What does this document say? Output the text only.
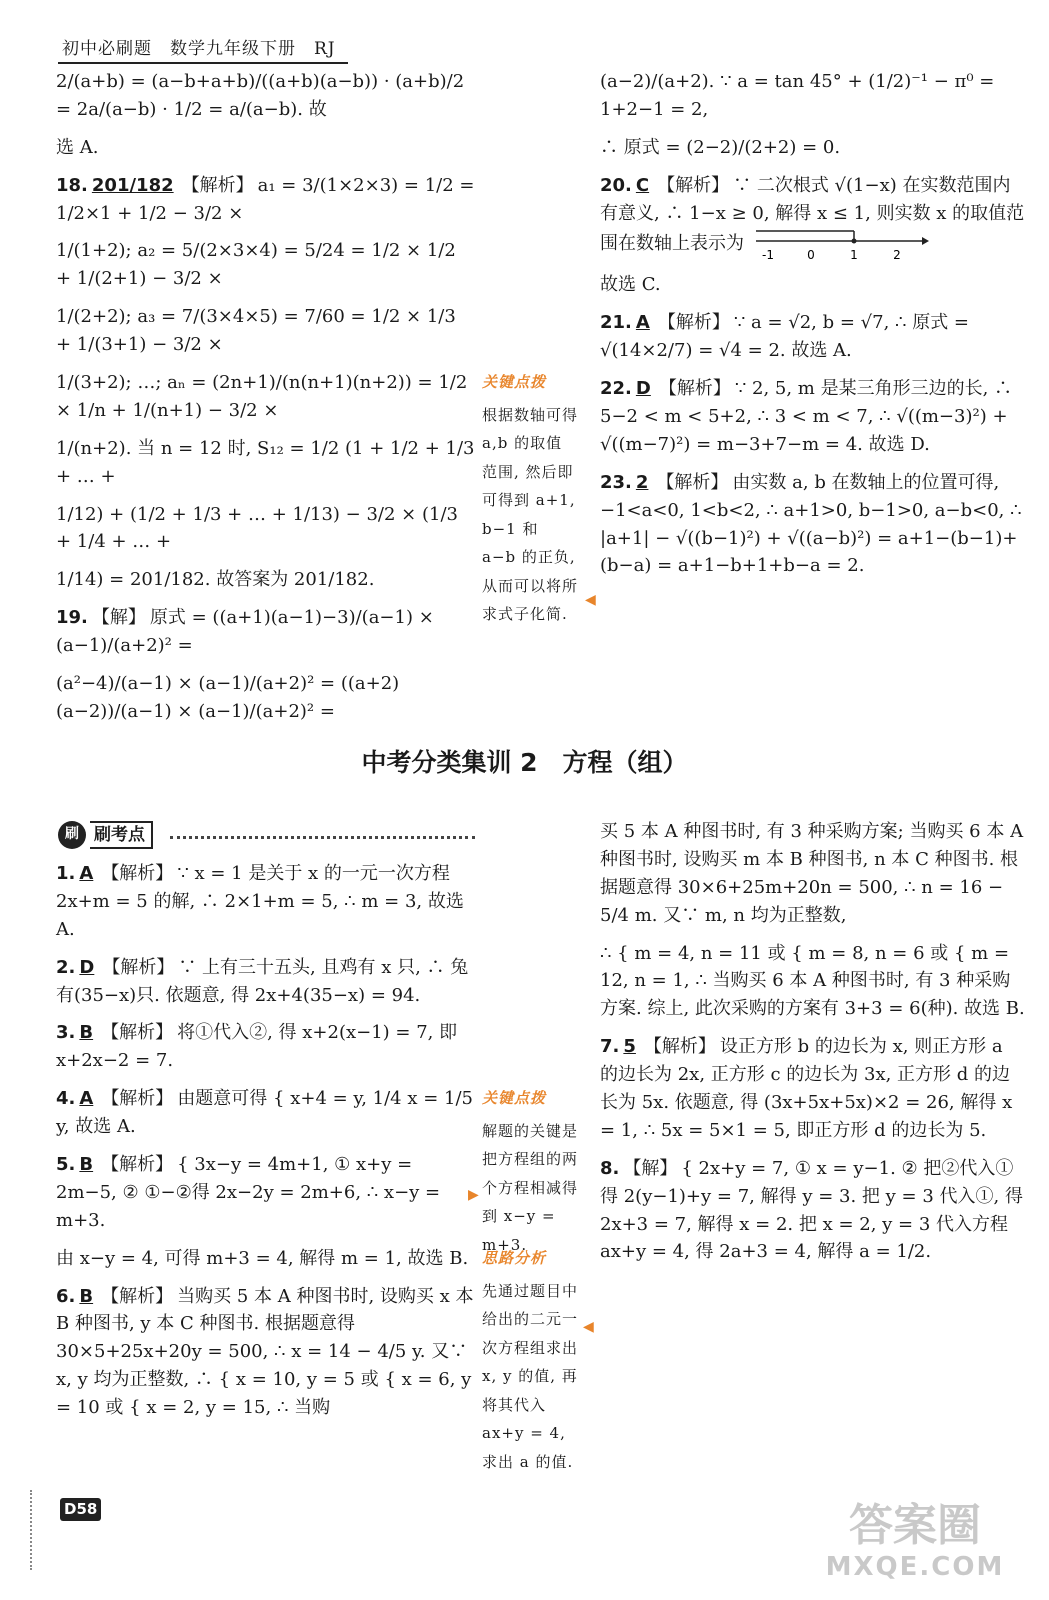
初中必刷题　数学九年级下册　RJ

2/(a+b) = (a−b+a+b)/((a+b)(a−b)) · (a+b)/2 = 2a/(a−b) · 1/2 = a/(a−b). 故

选 A.

18. 201/182 【解析】 a₁ = 3/(1×2×3) = 1/2 = 1/2×1 + 1/2 − 3/2 ×

1/(1+2); a₂ = 5/(2×3×4) = 5/24 = 1/2 × 1/2 + 1/(2+1) − 3/2 ×

1/(2+2); a₃ = 7/(3×4×5) = 7/60 = 1/2 × 1/3 + 1/(3+1) − 3/2 ×

1/(3+2); …; aₙ = (2n+1)/(n(n+1)(n+2)) = 1/2 × 1/n + 1/(n+1) − 3/2 ×

1/(n+2). 当 n = 12 时, S₁₂ = 1/2 (1 + 1/2 + 1/3 + … +

1/12) + (1/2 + 1/3 + … + 1/13) − 3/2 × (1/3 + 1/4 + … +

1/14) = 201/182. 故答案为 201/182.

19. 【解】 原式 = ((a+1)(a−1)−3)/(a−1) × (a−1)/(a+2)² =

(a²−4)/(a−1) × (a−1)/(a+2)² = ((a+2)(a−2))/(a−1) × (a−1)/(a+2)² =

关键点拨
根据数轴可得 a,b 的取值范围, 然后即可得到 a+1, b−1 和 a−b 的正负, 从而可以将所求式子化简.
◀

(a−2)/(a+2). ∵ a = tan 45° + (1/2)⁻¹ − π⁰ = 1+2−1 = 2,

∴ 原式 = (2−2)/(2+2) = 0.

20. C 【解析】 ∵ 二次根式 √(1−x) 在实数范围内有意义, ∴ 1−x ≥ 0, 解得 x ≤ 1, 则实数 x 的取值范围在数轴上表示为
-1	0	1	2

故选 C.

21. A 【解析】 ∵ a = √2, b = √7, ∴ 原式 = √(14×2/7) = √4 = 2. 故选 A.

22. D 【解析】 ∵ 2, 5, m 是某三角形三边的长, ∴ 5−2 < m < 5+2, ∴ 3 < m < 7, ∴ √((m−3)²) + √((m−7)²) = m−3+7−m = 4. 故选 D.

23. 2 【解析】 由实数 a, b 在数轴上的位置可得, −1<a<0, 1<b<2, ∴ a+1>0, b−1>0, a−b<0, ∴ |a+1| − √((b−1)²) + √((a−b)²) = a+1−(b−1)+(b−a) = a+1−b+1+b−a = 2.

中考分类集训 2　方程（组）
刷 刷考点

1. A 【解析】 ∵ x = 1 是关于 x 的一元一次方程 2x+m = 5 的解, ∴ 2×1+m = 5, ∴ m = 3, 故选 A.

2. D 【解析】 ∵ 上有三十五头, 且鸡有 x 只, ∴ 兔有(35−x)只. 依题意, 得 2x+4(35−x) = 94.

3. B 【解析】 将①代入②, 得 x+2(x−1) = 7, 即 x+2x−2 = 7.

4. A 【解析】 由题意可得 { x+4 = y, 1/4 x = 1/5 y, 故选 A.

5. B 【解析】 { 3x−y = 4m+1, ① x+y = 2m−5, ② ①−②得 2x−2y = 2m+6, ∴ x−y = m+3.

由 x−y = 4, 可得 m+3 = 4, 解得 m = 1, 故选 B.

6. B 【解析】 当购买 5 本 A 种图书时, 设购买 x 本 B 种图书, y 本 C 种图书. 根据题意得 30×5+25x+20y = 500, ∴ x = 14 − 4/5 y. 又∵ x, y 均为正整数, ∴ { x = 10, y = 5 或 { x = 6, y = 10 或 { x = 2, y = 15, ∴ 当购

关键点拨
解题的关键是把方程组的两个方程相减得到 x−y = m+3.
▶
思路分析
先通过题目中给出的二元一次方程组求出 x, y 的值, 再将其代入 ax+y = 4, 求出 a 的值.
◀

买 5 本 A 种图书时, 有 3 种采购方案; 当购买 6 本 A 种图书时, 设购买 m 本 B 种图书, n 本 C 种图书. 根据题意得 30×6+25m+20n = 500, ∴ n = 16 − 5/4 m. 又∵ m, n 均为正整数,

∴ { m = 4, n = 11 或 { m = 8, n = 6 或 { m = 12, n = 1, ∴ 当购买 6 本 A 种图书时, 有 3 种采购方案. 综上, 此次采购的方案有 3+3 = 6(种). 故选 B.

7. 5 【解析】 设正方形 b 的边长为 x, 则正方形 a 的边长为 2x, 正方形 c 的边长为 3x, 正方形 d 的边长为 5x. 依题意, 得 (3x+5x+5x)×2 = 26, 解得 x = 1, ∴ 5x = 5×1 = 5, 即正方形 d 的边长为 5.

8. 【解】 { 2x+y = 7, ① x = y−1. ② 把②代入①得 2(y−1)+y = 7, 解得 y = 3. 把 y = 3 代入①, 得 2x+3 = 7, 解得 x = 2. 把 x = 2, y = 3 代入方程 ax+y = 4, 得 2a+3 = 4, 解得 a = 1/2.

D58	答案圈
MXQE.COM
